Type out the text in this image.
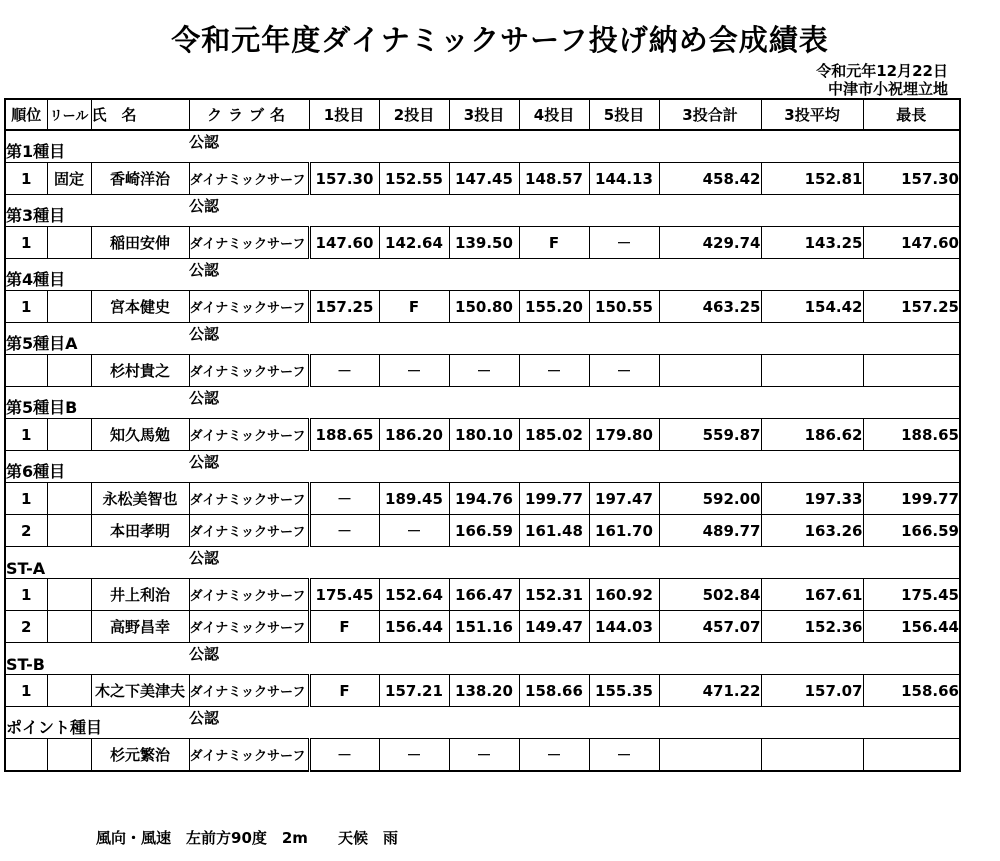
令和元年度ダイナミックサーフ投げ納め会成績表
令和元年12月22日
中津市小祝埋立地
順位	リール	氏　名	クラブ名	1投目	2投目	3投目	4投目	5投目	3投合計	3投平均	最長
第1種目			公認								
1	固定	香崎洋治	ダイナミックサーフ	157.30	152.55	147.45	148.57	144.13	458.42	152.81	157.30
第3種目			公認								
1		稲田安伸	ダイナミックサーフ	147.60	142.64	139.50	F	－	429.74	143.25	147.60
第4種目			公認								
1		宮本健史	ダイナミックサーフ	157.25	F	150.80	155.20	150.55	463.25	154.42	157.25
第5種目A			公認								
		杉村貴之	ダイナミックサーフ	－	－	－	－	－			
第5種目B			公認								
1		知久馬勉	ダイナミックサーフ	188.65	186.20	180.10	185.02	179.80	559.87	186.62	188.65
第6種目			公認								
1		永松美智也	ダイナミックサーフ	－	189.45	194.76	199.77	197.47	592.00	197.33	199.77
2		本田孝明	ダイナミックサーフ	－	－	166.59	161.48	161.70	489.77	163.26	166.59
ST-A			公認								
1		井上利治	ダイナミックサーフ	175.45	152.64	166.47	152.31	160.92	502.84	167.61	175.45
2		高野昌幸	ダイナミックサーフ	F	156.44	151.16	149.47	144.03	457.07	152.36	156.44
ST-B			公認								
1		木之下美津夫	ダイナミックサーフ	F	157.21	138.20	158.66	155.35	471.22	157.07	158.66
ポイント種目			公認								
		杉元繁治	ダイナミックサーフ	－	－	－	－	－			
風向・風速　左前方90度　2m　　天候　雨
